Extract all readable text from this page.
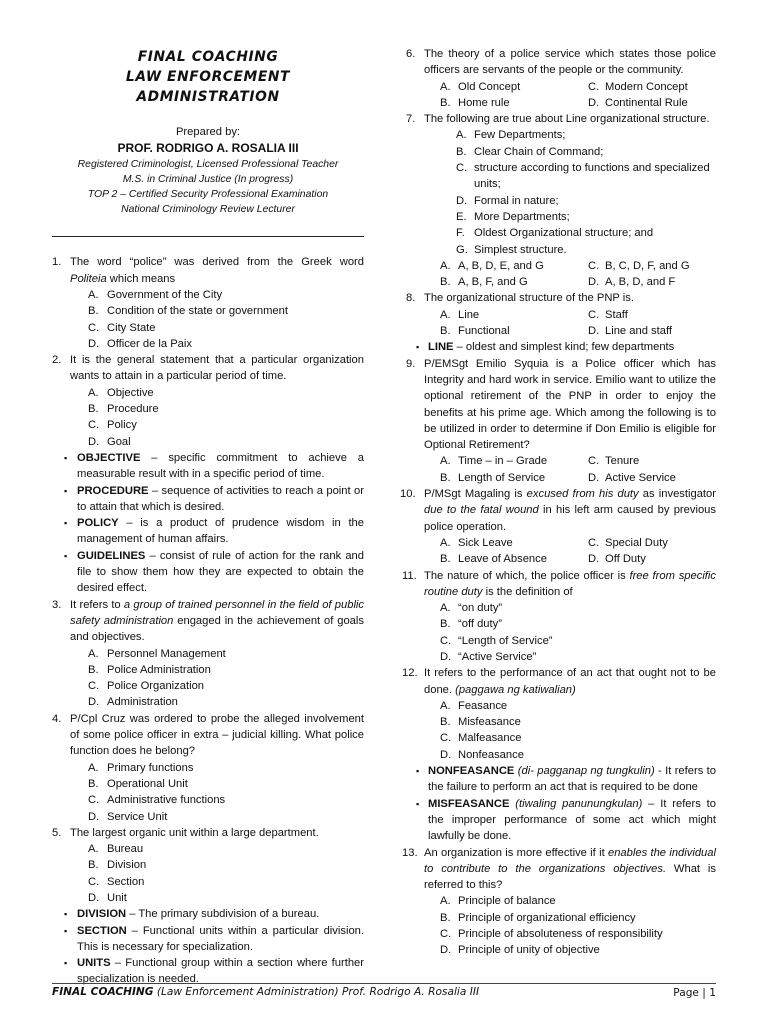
FINAL COACHING
LAW ENFORCEMENT ADMINISTRATION
Prepared by:
PROF. RODRIGO A. ROSALIA III
Registered Criminologist, Licensed Professional Teacher
M.S. in Criminal Justice (In progress)
TOP 2 – Certified Security Professional Examination
National Criminology Review Lecturer
1. The word “police” was derived from the Greek word Politeia which means
A. Government of the City
B. Condition of the state or government
C. City State
D. Officer de la Paix
2. It is the general statement that a particular organization wants to attain in a particular period of time.
A. Objective
B. Procedure
C. Policy
D. Goal
▪ OBJECTIVE – specific commitment to achieve a measurable result with in a specific period of time.
▪ PROCEDURE – sequence of activities to reach a point or to attain that which is desired.
▪ POLICY – is a product of prudence wisdom in the management of human affairs.
▪ GUIDELINES – consist of rule of action for the rank and file to show them how they are expected to obtain the desired effect.
3. It refers to a group of trained personnel in the field of public safety administration engaged in the achievement of goals and objectives.
A. Personnel Management
B. Police Administration
C. Police Organization
D. Administration
4. P/Cpl Cruz was ordered to probe the alleged involvement of some police officer in extra – judicial killing. What police function does he belong?
A. Primary functions
B. Operational Unit
C. Administrative functions
D. Service Unit
5. The largest organic unit within a large department.
A. Bureau
B. Division
C. Section
D. Unit
▪ DIVISION – The primary subdivision of a bureau.
▪ SECTION – Functional units within a particular division. This is necessary for specialization.
▪ UNITS – Functional group within a section where further specialization is needed.
6. The theory of a police service which states those police officers are servants of the people or the community.
A. Old Concept	C. Modern Concept
B. Home rule	D. Continental Rule
7. The following are true about Line organizational structure.
A. Few Departments;
B. Clear Chain of Command;
C. structure according to functions and specialized units;
D. Formal in nature;
E. More Departments;
F. Oldest Organizational structure; and
G. Simplest structure.
A. A, B, D, E, and G	C. B, C, D, F, and G
B. A, B, F, and G	D. A, B, D, and F
8. The organizational structure of the PNP is.
A. Line	C. Staff
B. Functional	D. Line and staff
▪ LINE – oldest and simplest kind; few departments
9. P/EMSgt Emilio Syquia is a Police officer which has Integrity and hard work in service. Emilio want to utilize the optional retirement of the PNP in order to enjoy the benefits at his prime age. Which among the following is to be utilized in order to determine if Don Emilio is eligible for Optional Retirement?
A. Time – in – Grade	C. Tenure
B. Length of Service	D. Active Service
10. P/MSgt Magaling is excused from his duty as investigator due to the fatal wound in his left arm caused by previous police operation.
A. Sick Leave	C. Special Duty
B. Leave of Absence	D. Off Duty
11. The nature of which, the police officer is free from specific routine duty is the definition of
A. “on duty”
B. “off duty”
C. “Length of Service”
D. “Active Service”
12. It refers to the performance of an act that ought not to be done. (paggawa ng katiwalian)
A. Feasance
B. Misfeasance
C. Malfeasance
D. Nonfeasance
▪ NONFEASANCE (di- pagganap ng tungkulin) - It refers to the failure to perform an act that is required to be done
▪ MISFEASANCE (tiwaling panunungkulan) – It refers to the improper performance of some act which might lawfully be done.
13. An organization is more effective if it enables the individual to contribute to the organizations objectives. What is referred to this?
A. Principle of balance
B. Principle of organizational efficiency
C. Principle of absoluteness of responsibility
D. Principle of unity of objective
FINAL COACHING (Law Enforcement Administration) Prof. Rodrigo A. Rosalia III	Page | 1
